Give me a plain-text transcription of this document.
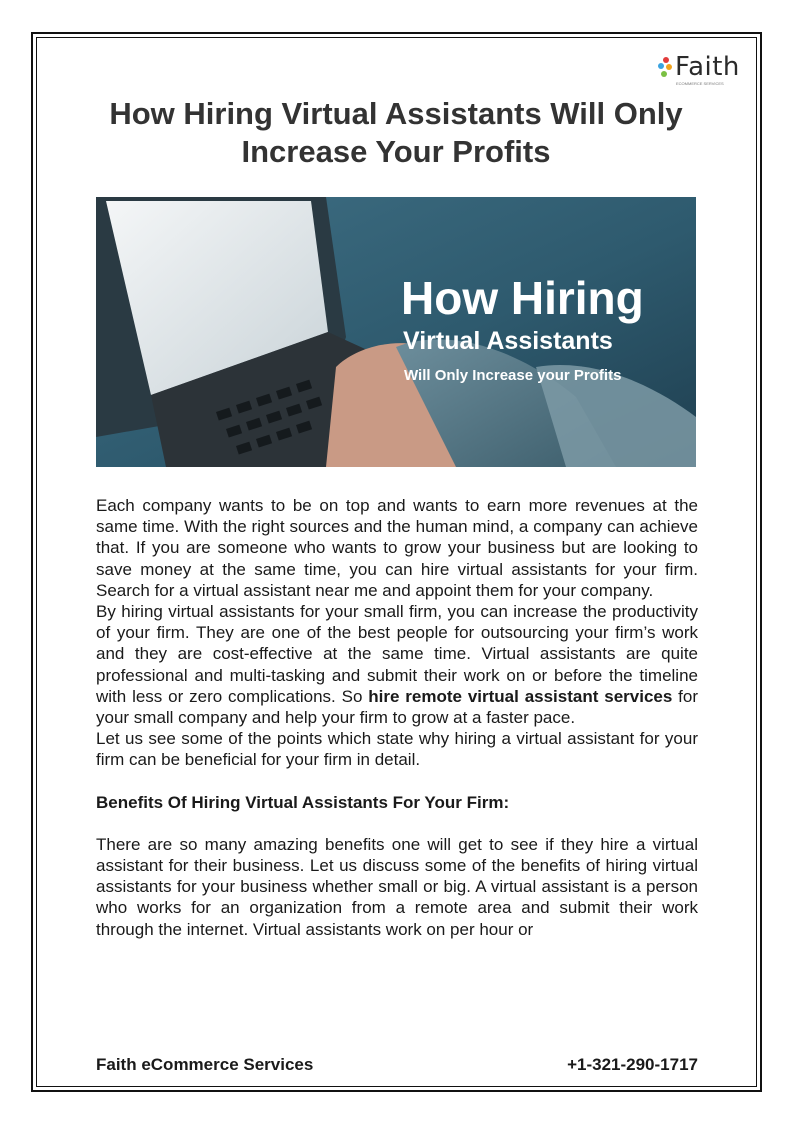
Faith
ECOMMERCE SERVICES
How Hiring Virtual Assistants Will Only Increase Your Profits
How Hiring
Virtual Assistants
Will Only Increase your Profits

Each company wants to be on top and wants to earn more revenues at the same time. With the right sources and the human mind, a company can achieve that. If you are someone who wants to grow your business but are looking to save money at the same time, you can hire virtual assistants for your firm. Search for a virtual assistant near me and appoint them for your company.

By hiring virtual assistants for your small firm, you can increase the productivity of your firm. They are one of the best people for outsourcing your firm’s work and they are cost-effective at the same time. Virtual assistants are quite professional and multi-tasking and submit their work on or before the timeline with less or zero complications. So hire remote virtual assistant services for your small company and help your firm to grow at a faster pace.

Let us see some of the points which state why hiring a virtual assistant for your firm can be beneficial for your firm in detail.

Benefits Of Hiring Virtual Assistants For Your Firm:

There are so many amazing benefits one will get to see if they hire a virtual assistant for their business. Let us discuss some of the benefits of hiring virtual assistants for your business whether small or big. A virtual assistant is a person who works for an organization from a remote area and submit their work through the internet. Virtual assistants work on per hour or

Faith eCommerce Services	+1-321-290-1717
